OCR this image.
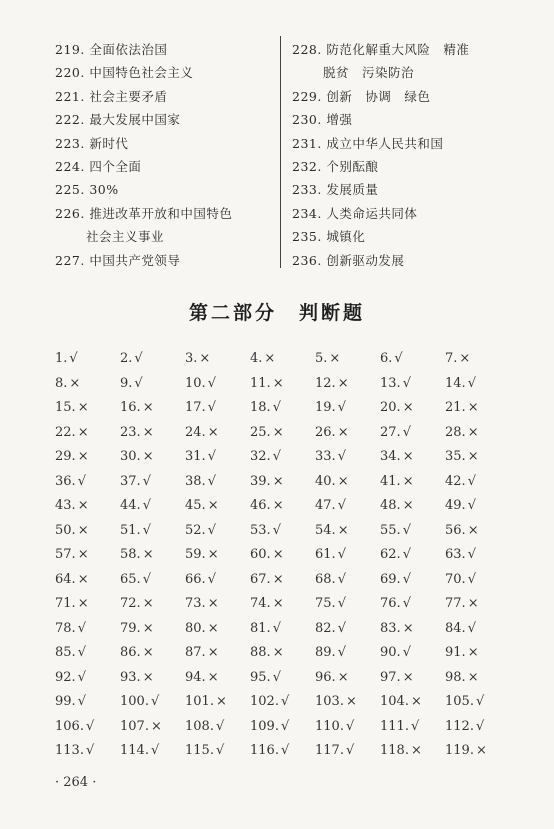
219. 全面依法治国
220. 中国特色社会主义
221. 社会主要矛盾
222. 最大发展中国家
223. 新时代
224. 四个全面
225. 30%
226. 推进改革开放和中国特色
社会主义事业
227. 中国共产党领导
228. 防范化解重大风险　精准
脱贫　污染防治
229. 创新　协调　绿色
230. 增强
231. 成立中华人民共和国
232. 个别酝酿
233. 发展质量
234. 人类命运共同体
235. 城镇化
236. 创新驱动发展
第二部分　判断题
1. √	2. √	3. ×	4. ×	5. ×	6. √	7. ×
8. ×	9. √	10. √	11. × 12. × 13. √	14. √
15. × 16. × 17. √	18. √	19. √	20. × 21. ×
22. × 23. × 24. × 25. × 26. × 27. √	28. ×
29. × 30. × 31. √	32. √	33. √	34. × 35. ×
36. √	37. √	38. √	39. × 40. × 41. × 42. √
43. × 44. √	45. × 46. × 47. √	48. × 49. √
50. × 51. √	52. √	53. √	54. × 55. √	56. ×
57. × 58. × 59. × 60. × 61. √	62. √	63. √
64. × 65. √	66. √	67. × 68. √	69. √	70. √
71. × 72. × 73. × 74. × 75. √	76. √	77. ×
78. √	79. × 80. × 81. √	82. √	83. × 84. √
85. √	86. × 87. × 88. × 89. √	90. √	91. ×
92. √	93. × 94. × 95. √	96. × 97. × 98. ×
99. √	100. √ 101. × 102. √ 103. × 104. × 105. √
106. √ 107. × 108. √ 109. √ 110. √ 111. √ 112. √
113. √ 114. √ 115. √ 116. √ 117. √ 118. × 119. ×
· 264 ·
